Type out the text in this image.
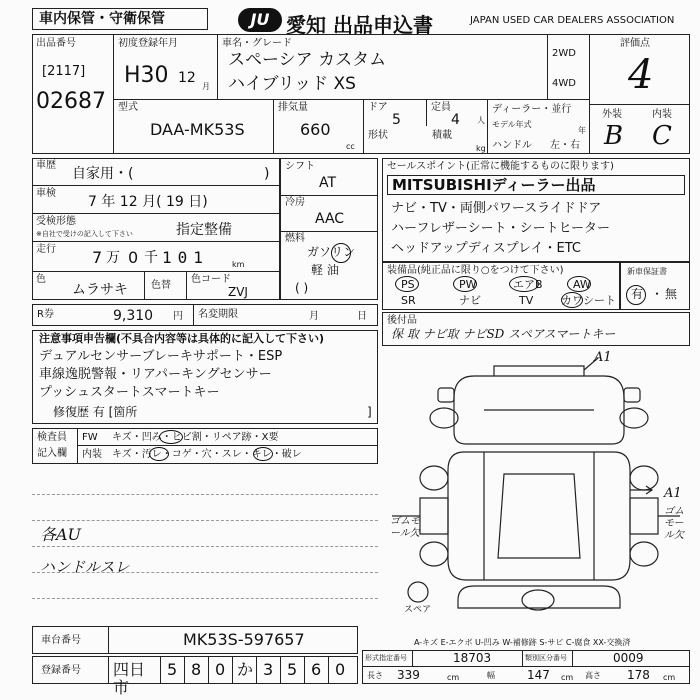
車内保管・守衛保管	JU 愛知 出品申込書	JAPAN USED CAR DEALERS ASSOCIATION
出品番号
[2117]
02687
初度登録年月
H30 12
月
車名・グレード
スペーシア カスタム
ハイブリッド XS
2WD
4WD
評価点
4
外装	内装
B C
型式
DAA-MK53S
排気量
660
cc
ドア
5
定員
4 人
形状	積載
kg
ディーラー・並行
モデル年式
年
ハンドル 左・右
車歴
自家用・(	)
車検
7 年 12 月( 19 日)
受検形態
※自社で受けの記入して下さい	指定整備
走行 7 万 0 千 101	km
色
ムラサキ	色替
色コード
ZVJ
シフト
AT
冷房
AAC
燃料
ガソリン
軽 油
( )
R券	9,310 円	名変期限	月	日
セールスポイント(正常に機能するものに限ります)
MITSUBISHIディーラー出品
ナビ・TV・両側パワースライドドア
ハーフレザーシート・シートヒーター
ヘッドアップディスプレイ・ETC
装備品(純正品に限り○をつけて下さい)
PS	PW	エアB	AW
SR	ナビ	TV	カワシート
新車保証書
有 ・ 無
後付品
保 取 ナビ取 ナビSD スペアスマートキー
注意事項申告欄(不具合内容等は具体的に記入して下さい)
デュアルセンサーブレーキサポート・ESP
車線逸脱警報・リアパーキングセンサー
プッシュスタートスマートキー
修復歴 有 [箇所	]
検査員
記入欄
FW キズ・凹み・ヒビ割・リペア跡・X要
内装 キズ・汚レ・コゲ・穴・スレ・キレ・破レ
各AU
ハンドルスレ
A1
A1
ゴムモール欠
ゴムモール欠
スペア
A-キズ E-エクボ U-凹み W-補修跡 S-サビ C-腐食 XX-交換済
車台番号	MK53S-597657
登録番号	四日市
5 8 0 か 3 5 6 0
形式指定番号	18703	類別区分番号	0009
長さ 339	cm	幅	147 cm 高さ 178 cm
